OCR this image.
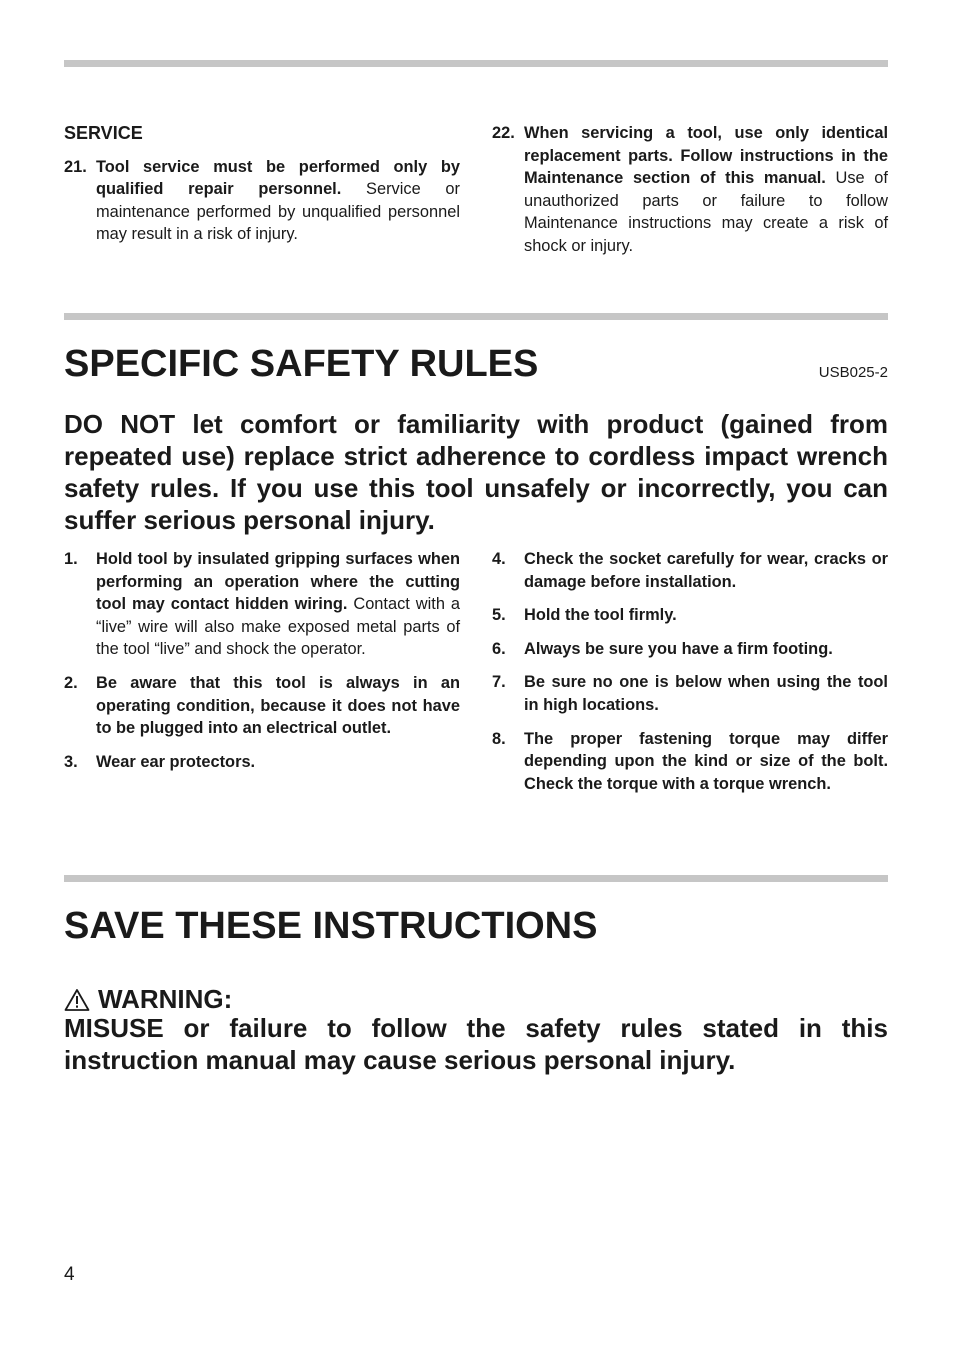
SERVICE
21. Tool service must be performed only by qualified repair personnel. Service or maintenance performed by unqualified personnel may result in a risk of injury.
22. When servicing a tool, use only identical replacement parts. Follow instructions in the Maintenance section of this manual. Use of unauthorized parts or failure to follow Maintenance instructions may create a risk of shock or injury.
SPECIFIC SAFETY RULES	USB025-2
DO NOT let comfort or familiarity with product (gained from repeated use) replace strict adherence to cordless impact wrench safety rules. If you use this tool unsafely or incorrectly, you can suffer serious personal injury.
1.	Hold tool by insulated gripping surfaces when performing an operation where the cutting tool may contact hidden wiring. Contact with a “live” wire will also make exposed metal parts of the tool “live” and shock the operator.
2.	Be aware that this tool is always in an operating condition, because it does not have to be plugged into an electrical outlet.
3.	Wear ear protectors.
4.	Check the socket carefully for wear, cracks or damage before installation.
5.	Hold the tool firmly.
6.	Always be sure you have a firm footing.
7.	Be sure no one is below when using the tool in high locations.
8.	The proper fastening torque may differ depending upon the kind or size of the bolt. Check the torque with a torque wrench.
SAVE THESE INSTRUCTIONS
WARNING:
MISUSE or failure to follow the safety rules stated in this instruction manual may cause serious personal injury.
4
